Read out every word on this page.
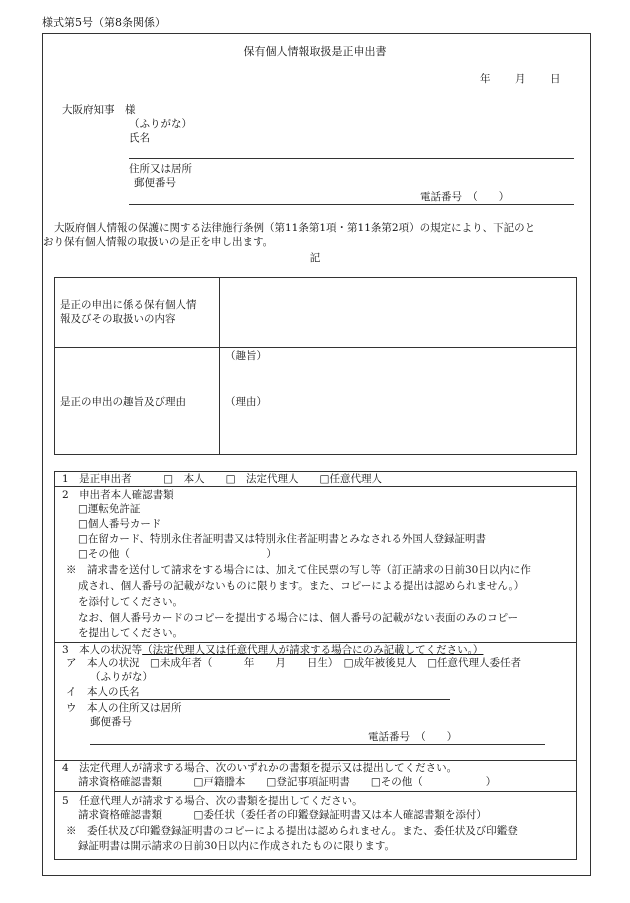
様式第5号（第8条関係）
保有個人情報取扱是正申出書
年 月 日
大阪府知事　様
（ふりがな）
氏名
住所又は居所
郵便番号
電話番号　（　　）
大阪府個人情報の保護に関する法律施行条例（第11条第1項・第11条第2項）の規定により、下記のと
おり保有個人情報の取扱いの是正を申し出ます。
記
是正の申出に係る保有個人情
報及びその取扱いの内容
是正の申出の趣旨及び理由
（趣旨）
（理由）
1　是正申出者　　　□　本人　　□　法定代理人　　□任意代理人
2　申出者本人確認書類
□運転免許証
□個人番号カード
□在留カード、特別永住者証明書又は特別永住者証明書とみなされる外国人登録証明書
□その他（　　　　　　　　　　　　　）
※　請求書を送付して請求をする場合には、加えて住民票の写し等（訂正請求の日前30日以内に作
成され、個人番号の記載がないものに限ります。また、コピーによる提出は認められません。）
を添付してください。
なお、個人番号カードのコピーを提出する場合には、個人番号の記載がない表面のみのコピー
を提出してください。
3　本人の状況等（法定代理人又は任意代理人が請求する場合にのみ記載してください。）
ア　本人の状況　□未成年者（　　　年　　月　　日生）　□成年被後見人　□任意代理人委任者
（ふりがな）
イ　本人の氏名
ウ　本人の住所又は居所
郵便番号
電話番号　（　　）
4　法定代理人が請求する場合、次のいずれかの書類を提示又は提出してください。
請求資格確認書類　　　□戸籍謄本　　□登記事項証明書　　□その他（　　　　　　）
5　任意代理人が請求する場合、次の書類を提出してください。
請求資格確認書類　　　□委任状（委任者の印鑑登録証明書又は本人確認書類を添付）
※　委任状及び印鑑登録証明書のコピーによる提出は認められません。また、委任状及び印鑑登
録証明書は開示請求の日前30日以内に作成されたものに限ります。
